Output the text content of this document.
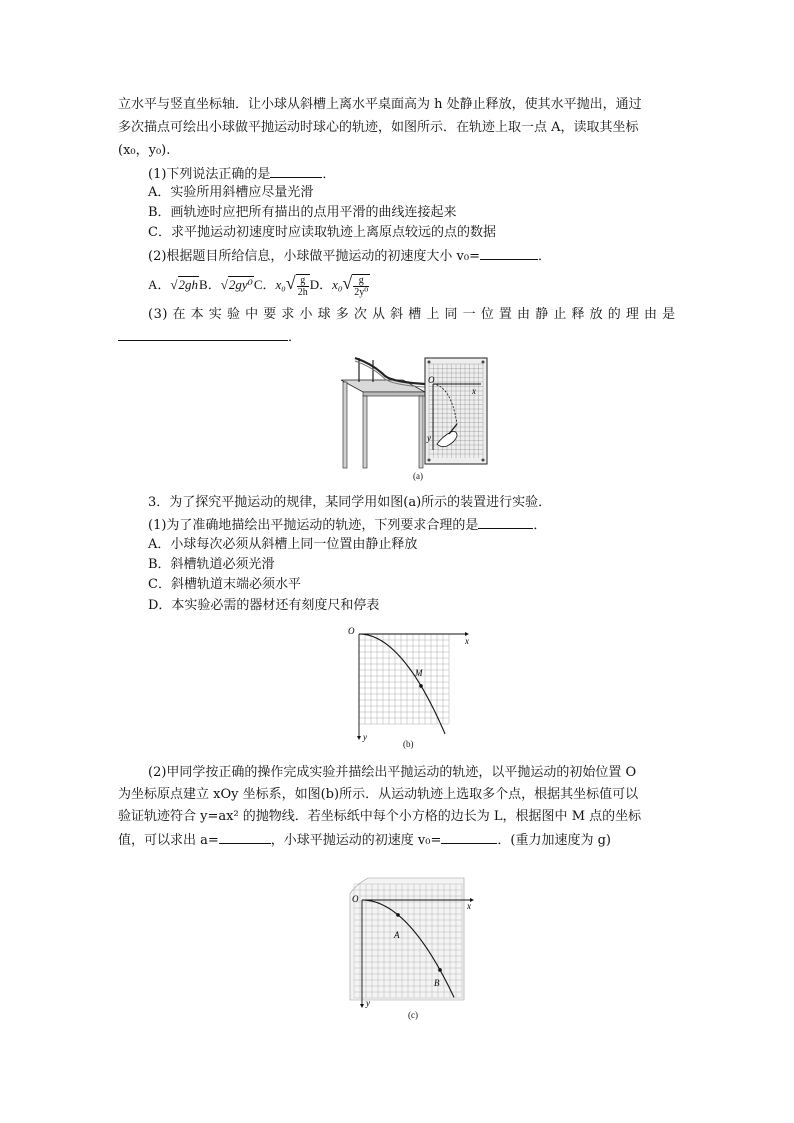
立水平与竖直坐标轴．让小球从斜槽上离水平桌面高为 h 处静止释放，使其水平抛出，通过
多次描点可绘出小球做平抛运动时球心的轨迹，如图所示．在轨迹上取一点 A，读取其坐标
(x₀，y₀).
(1)下列说法正确的是	．
A．实验所用斜槽应尽量光滑
B．画轨迹时应把所有描出的点用平滑的曲线连接起来
C．求平抛运动初速度时应读取轨迹上离原点较远的点的数据
(2)根据题目所给信息，小球做平抛运动的初速度大小 v₀=	．
A．√2ghB．√2gy⁰C．$x_0√ \frac{g}{2h}$ D．$x_0√ \frac{g}{\text{2y⁰}}$
(3) 在 本 实 验 中 要 求 小 球 多 次 从 斜 槽 上 同 一 位 置 由 静 止 释 放 的 理 由 是
．
O
x
y
(a)
3．为了探究平抛运动的规律，某同学用如图(a)所示的装置进行实验．
(1)为了准确地描绘出平抛运动的轨迹，下列要求合理的是	．
A．小球每次必须从斜槽上同一位置由静止释放
B．斜槽轨道必须光滑
C．斜槽轨道末端必须水平
D．本实验必需的器材还有刻度尺和停表
O
x
y
M
(b)
(2)甲同学按正确的操作完成实验并描绘出平抛运动的轨迹，以平抛运动的初始位置 O
为坐标原点建立 xOy 坐标系，如图(b)所示．从运动轨迹上选取多个点，根据其坐标值可以
验证轨迹符合 y=ax² 的抛物线．若坐标纸中每个小方格的边长为 L，根据图中 M 点的坐标
值，可以求出 a=	，小球平抛运动的初速度 v₀=	．(重力加速度为 g)
O
x
y
A
B
(c)
